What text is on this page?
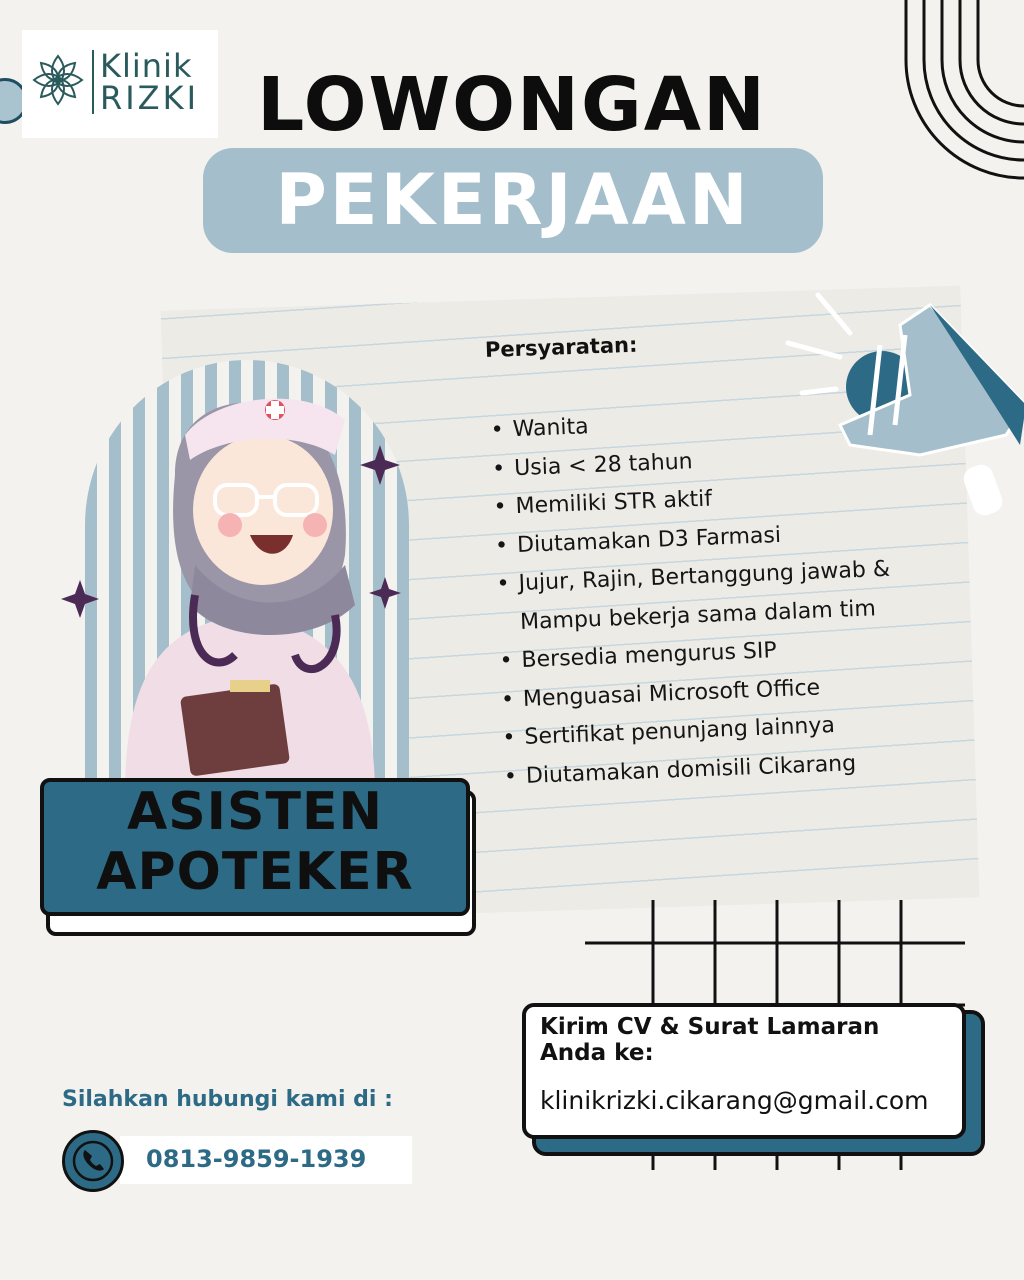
Klinik
RIZKI LOWONGAN
PEKERJAAN
Persyaratan:
• Wanita
• Usia < 28 tahun
• Memiliki STR aktif
• Diutamakan D3 Farmasi
• Jujur, Rajin, Bertanggung jawab & Mampu bekerja sama dalam tim
• Bersedia mengurus SIP
• Menguasai Microsoft Office
• Sertifikat penunjang lainnya
• Diutamakan domisili Cikarang
ASISTEN
APOTEKER
Kirim CV & Surat Lamaran Anda ke:
klinikrizki.cikarang@gmail.com
Silahkan hubungi kami di :
0813-9859-1939
